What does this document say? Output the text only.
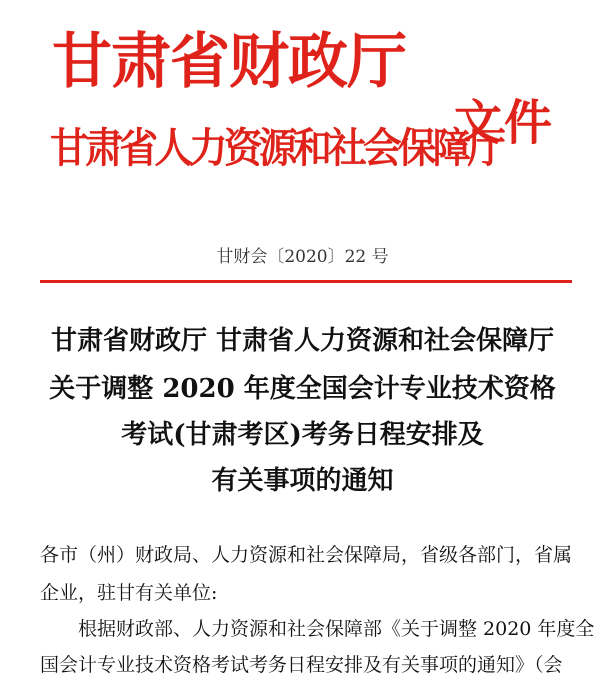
甘肃省财政厅
甘肃省人力资源和社会保障厅
文件
甘财会〔2020〕22 号
甘肃省财政厅 甘肃省人力资源和社会保障厅
关于调整 2020 年度全国会计专业技术资格
考试(甘肃考区)考务日程安排及
有关事项的通知
各市（州）财政局、人力资源和社会保障局，省级各部门，省属
企业，驻甘有关单位:
根据财政部、人力资源和社会保障部《关于调整 2020 年度全
国会计专业技术资格考试考务日程安排及有关事项的通知》（会
